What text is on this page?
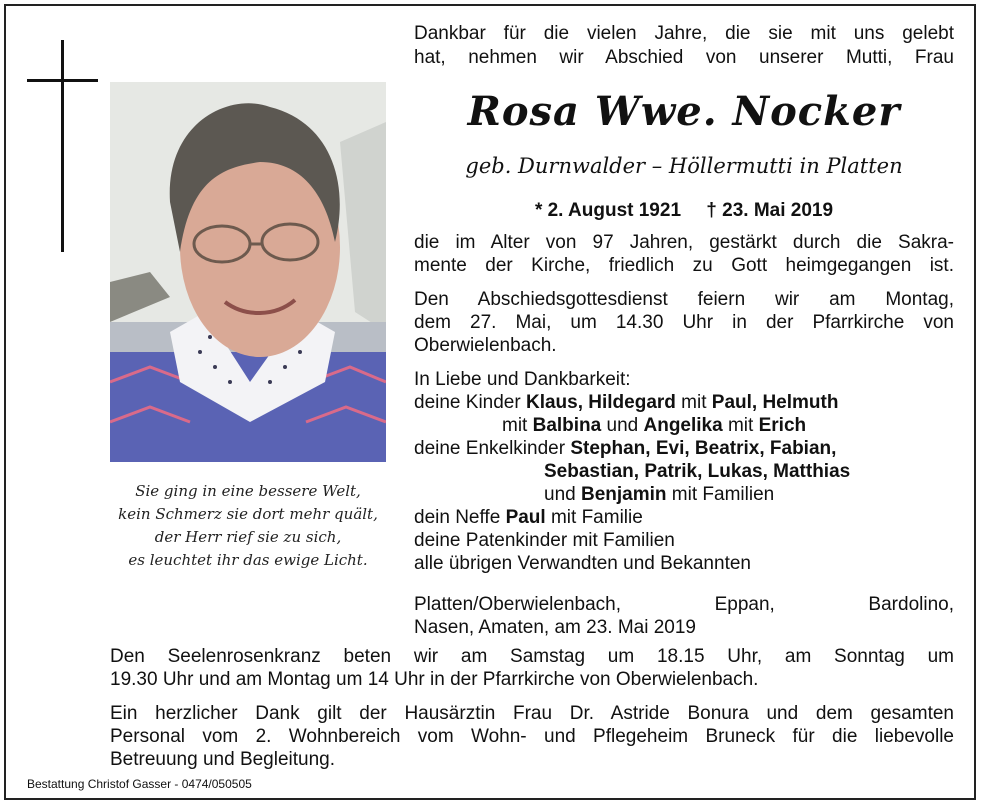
Sie ging in eine bessere Welt,
kein Schmerz sie dort mehr quält,
der Herr rief sie zu sich,
es leuchtet ihr das ewige Licht.
Dankbar für die vielen Jahre, die sie mit uns gelebt
hat, nehmen wir Abschied von unserer Mutti, Frau
Rosa Wwe. Nocker
geb. Durnwalder – Höllermutti in Platten
* 2. August 1921 † 23. Mai 2019
die im Alter von 97 Jahren, gestärkt durch die Sakra-
mente der Kirche, friedlich zu Gott heimgegangen ist.
Den Abschiedsgottesdienst feiern wir am Montag,
dem 27. Mai, um 14.30 Uhr in der Pfarrkirche von
Oberwielenbach.
In Liebe und Dankbarkeit:
deine Kinder Klaus, Hildegard mit Paul, Helmuth
mit Balbina und Angelika mit Erich
deine Enkelkinder Stephan, Evi, Beatrix, Fabian,
Sebastian, Patrik, Lukas, Matthias
und Benjamin mit Familien
dein Neffe Paul mit Familie
deine Patenkinder mit Familien
alle übrigen Verwandten und Bekannten
Platten/Oberwielenbach, Eppan, Bardolino,
Nasen, Amaten, am 23. Mai 2019
Den Seelenrosenkranz beten wir am Samstag um 18.15 Uhr, am Sonntag um
19.30 Uhr und am Montag um 14 Uhr in der Pfarrkirche von Oberwielenbach.
Ein herzlicher Dank gilt der Hausärztin Frau Dr. Astride Bonura und dem gesamten
Personal vom 2. Wohnbereich vom Wohn- und Pflegeheim Bruneck für die liebevolle
Betreuung und Begleitung.
Bestattung Christof Gasser - 0474/050505
